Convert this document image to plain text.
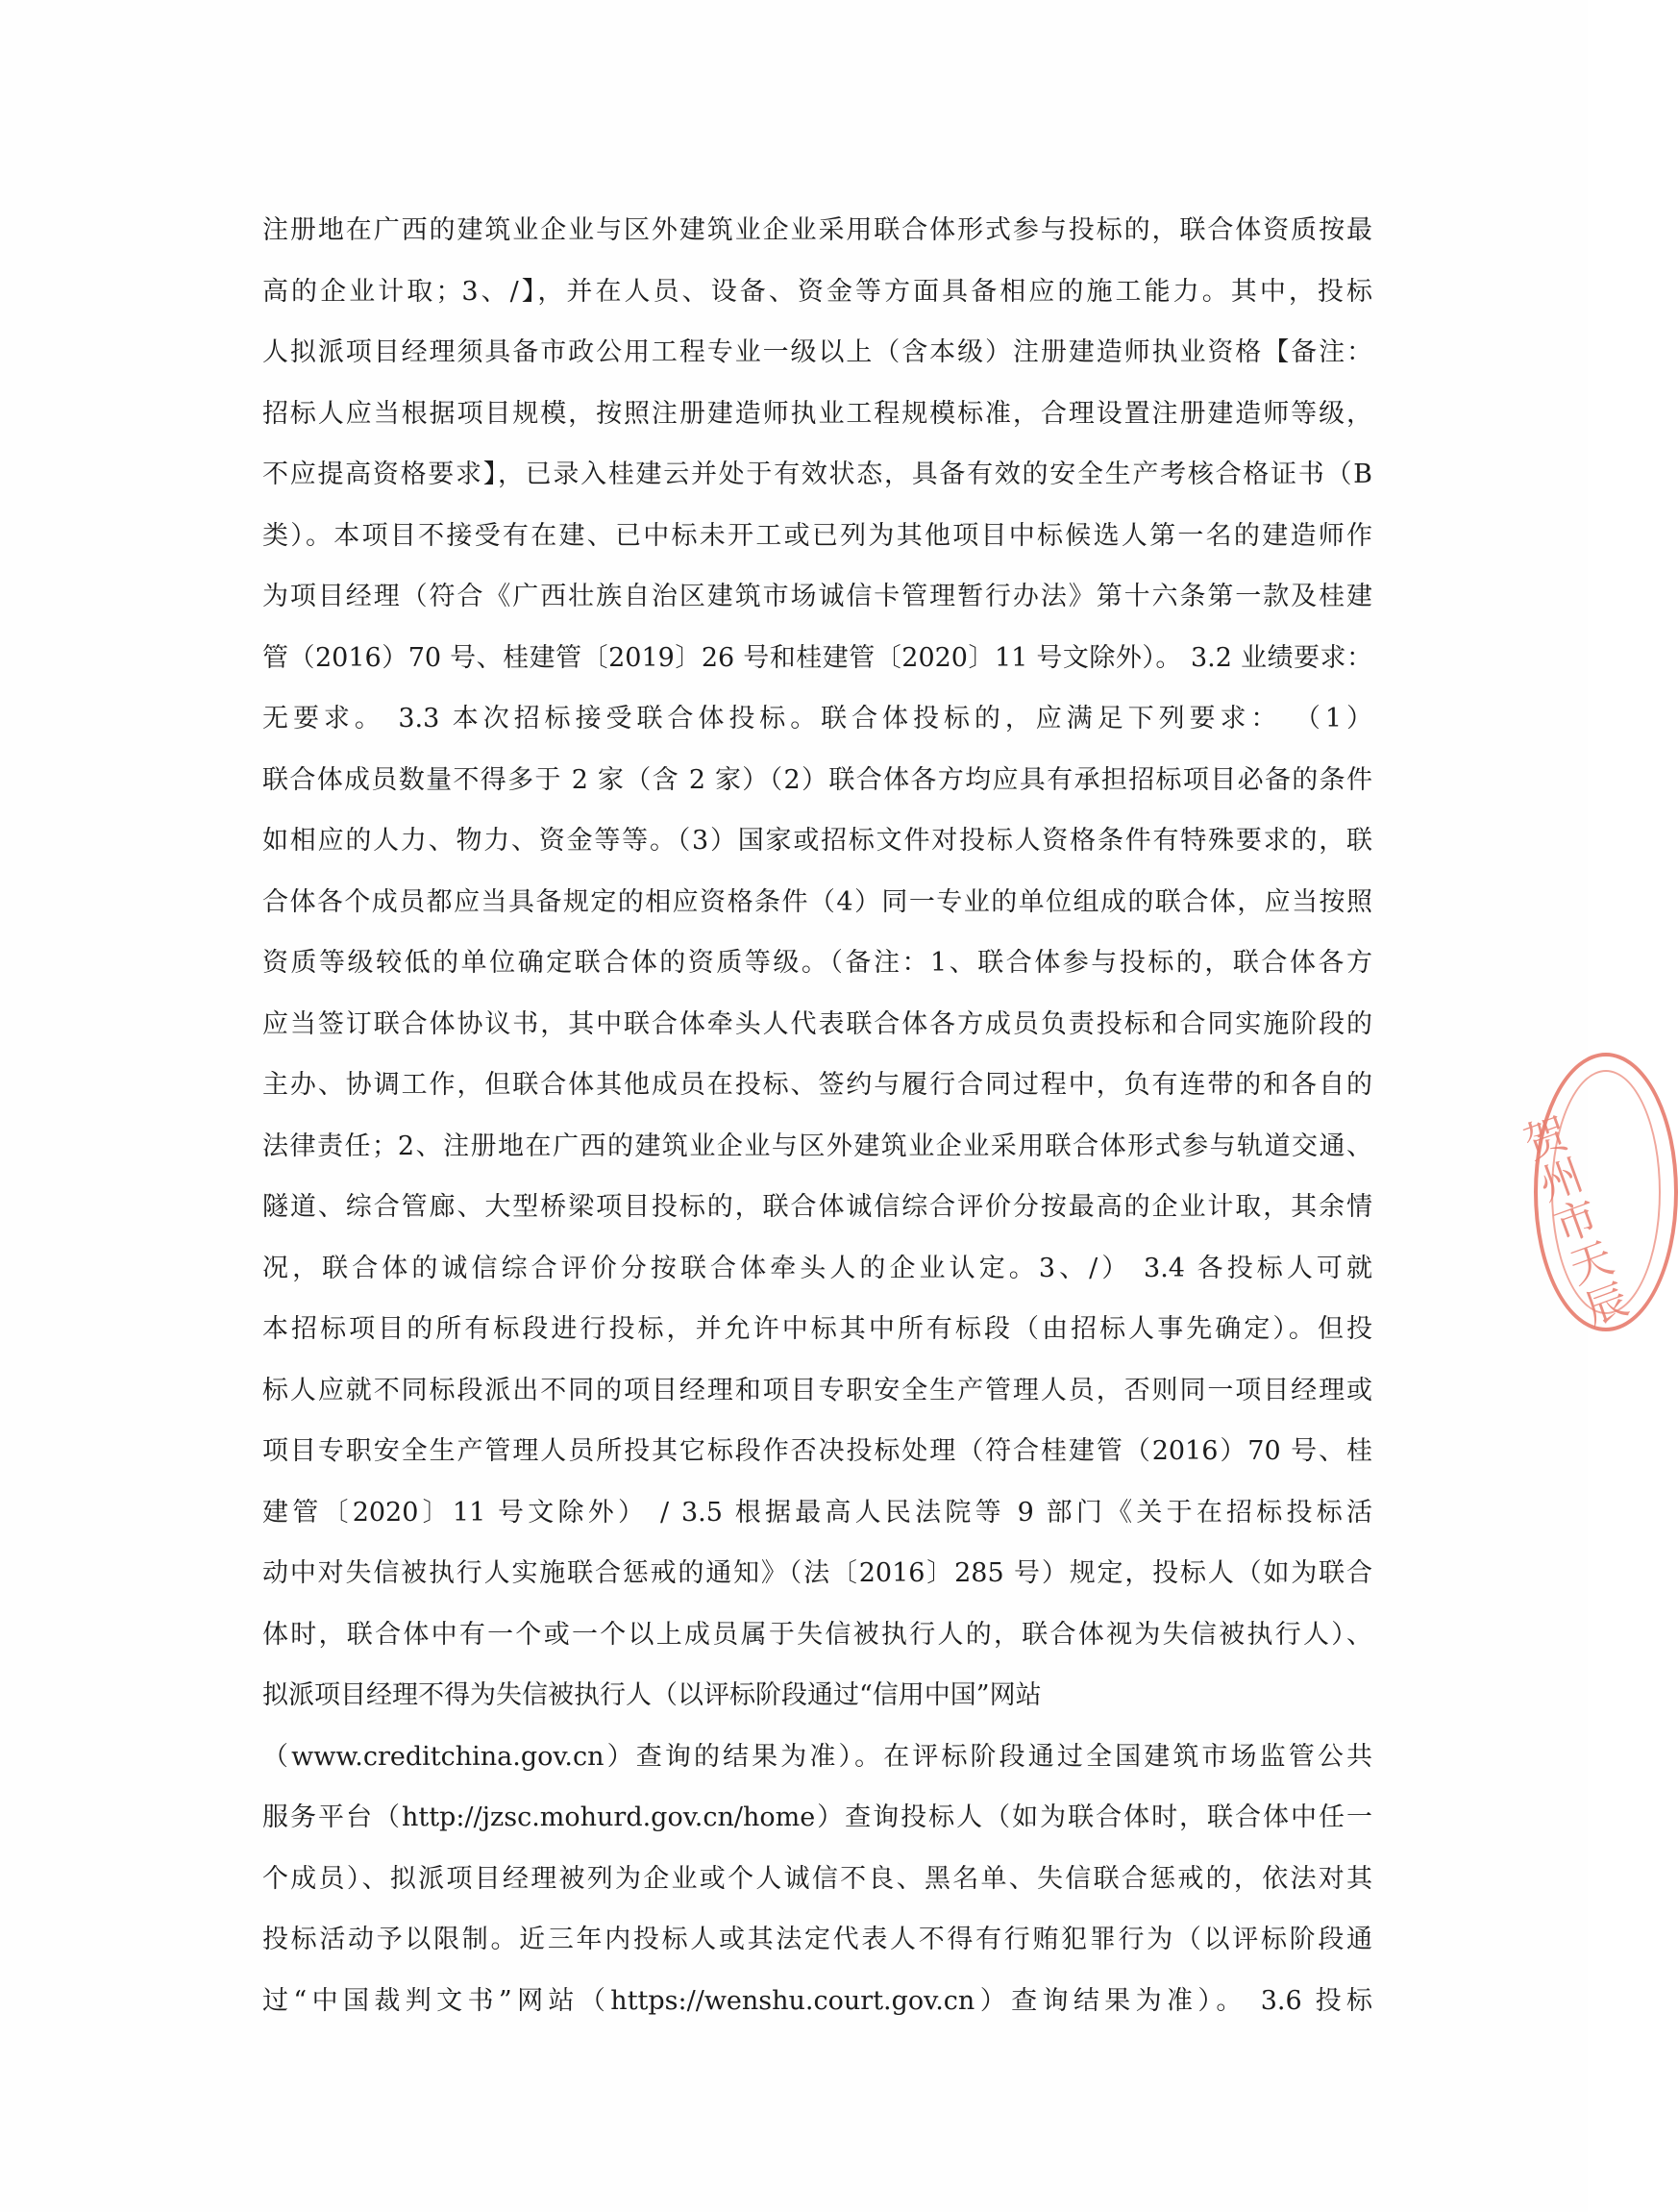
注册地在广西的建筑业企业与区外建筑业企业采用联合体形式参与投标的，联合体资质按最
高的企业计取；3、/】，并在人员、设备、资金等方面具备相应的施工能力。其中，投标
人拟派项目经理须具备市政公用工程专业一级以上（含本级）注册建造师执业资格【备注：
招标人应当根据项目规模，按照注册建造师执业工程规模标准，合理设置注册建造师等级，
不应提高资格要求】，已录入桂建云并处于有效状态，具备有效的安全生产考核合格证书（B
类）。本项目不接受有在建、已中标未开工或已列为其他项目中标候选人第一名的建造师作
为项目经理（符合《广西壮族自治区建筑市场诚信卡管理暂行办法》第十六条第一款及桂建
管（2016）70 号、桂建管〔2019〕26 号和桂建管〔2020〕11 号文除外）。 3.2 业绩要求：
无要求。 3.3 本次招标接受联合体投标。联合体投标的，应满足下列要求： （1）
联合体成员数量不得多于 2 家（含 2 家）（2）联合体各方均应具有承担招标项目必备的条件
如相应的人力、物力、资金等等。（3）国家或招标文件对投标人资格条件有特殊要求的，联
合体各个成员都应当具备规定的相应资格条件（4）同一专业的单位组成的联合体，应当按照
资质等级较低的单位确定联合体的资质等级。（备注：1、联合体参与投标的，联合体各方
应当签订联合体协议书，其中联合体牵头人代表联合体各方成员负责投标和合同实施阶段的
主办、协调工作，但联合体其他成员在投标、签约与履行合同过程中，负有连带的和各自的
法律责任；2、注册地在广西的建筑业企业与区外建筑业企业采用联合体形式参与轨道交通、
隧道、综合管廊、大型桥梁项目投标的，联合体诚信综合评价分按最高的企业计取，其余情
况，联合体的诚信综合评价分按联合体牵头人的企业认定。3、/） 3.4 各投标人可就
本招标项目的所有标段进行投标，并允许中标其中所有标段（由招标人事先确定）。但投
标人应就不同标段派出不同的项目经理和项目专职安全生产管理人员，否则同一项目经理或
项目专职安全生产管理人员所投其它标段作否决投标处理（符合桂建管（2016）70 号、桂
建管〔2020〕11 号文除外） / 3.5 根据最高人民法院等 9 部门《关于在招标投标活
动中对失信被执行人实施联合惩戒的通知》（法〔2016〕285 号）规定，投标人（如为联合
体时，联合体中有一个或一个以上成员属于失信被执行人的，联合体视为失信被执行人）、
拟派项目经理不得为失信被执行人（以评标阶段通过“信用中国”网站
（www.creditchina.gov.cn）查询的结果为准）。在评标阶段通过全国建筑市场监管公共
服务平台（http://jzsc.mohurd.gov.cn/home）查询投标人（如为联合体时，联合体中任一
个成员）、拟派项目经理被列为企业或个人诚信不良、黑名单、失信联合惩戒的，依法对其
投标活动予以限制。近三年内投标人或其法定代表人不得有行贿犯罪行为（以评标阶段通
过“中国裁判文书”网站（https://wenshu.court.gov.cn）查询结果为准）。 3.6 投标
贺州市天辰
